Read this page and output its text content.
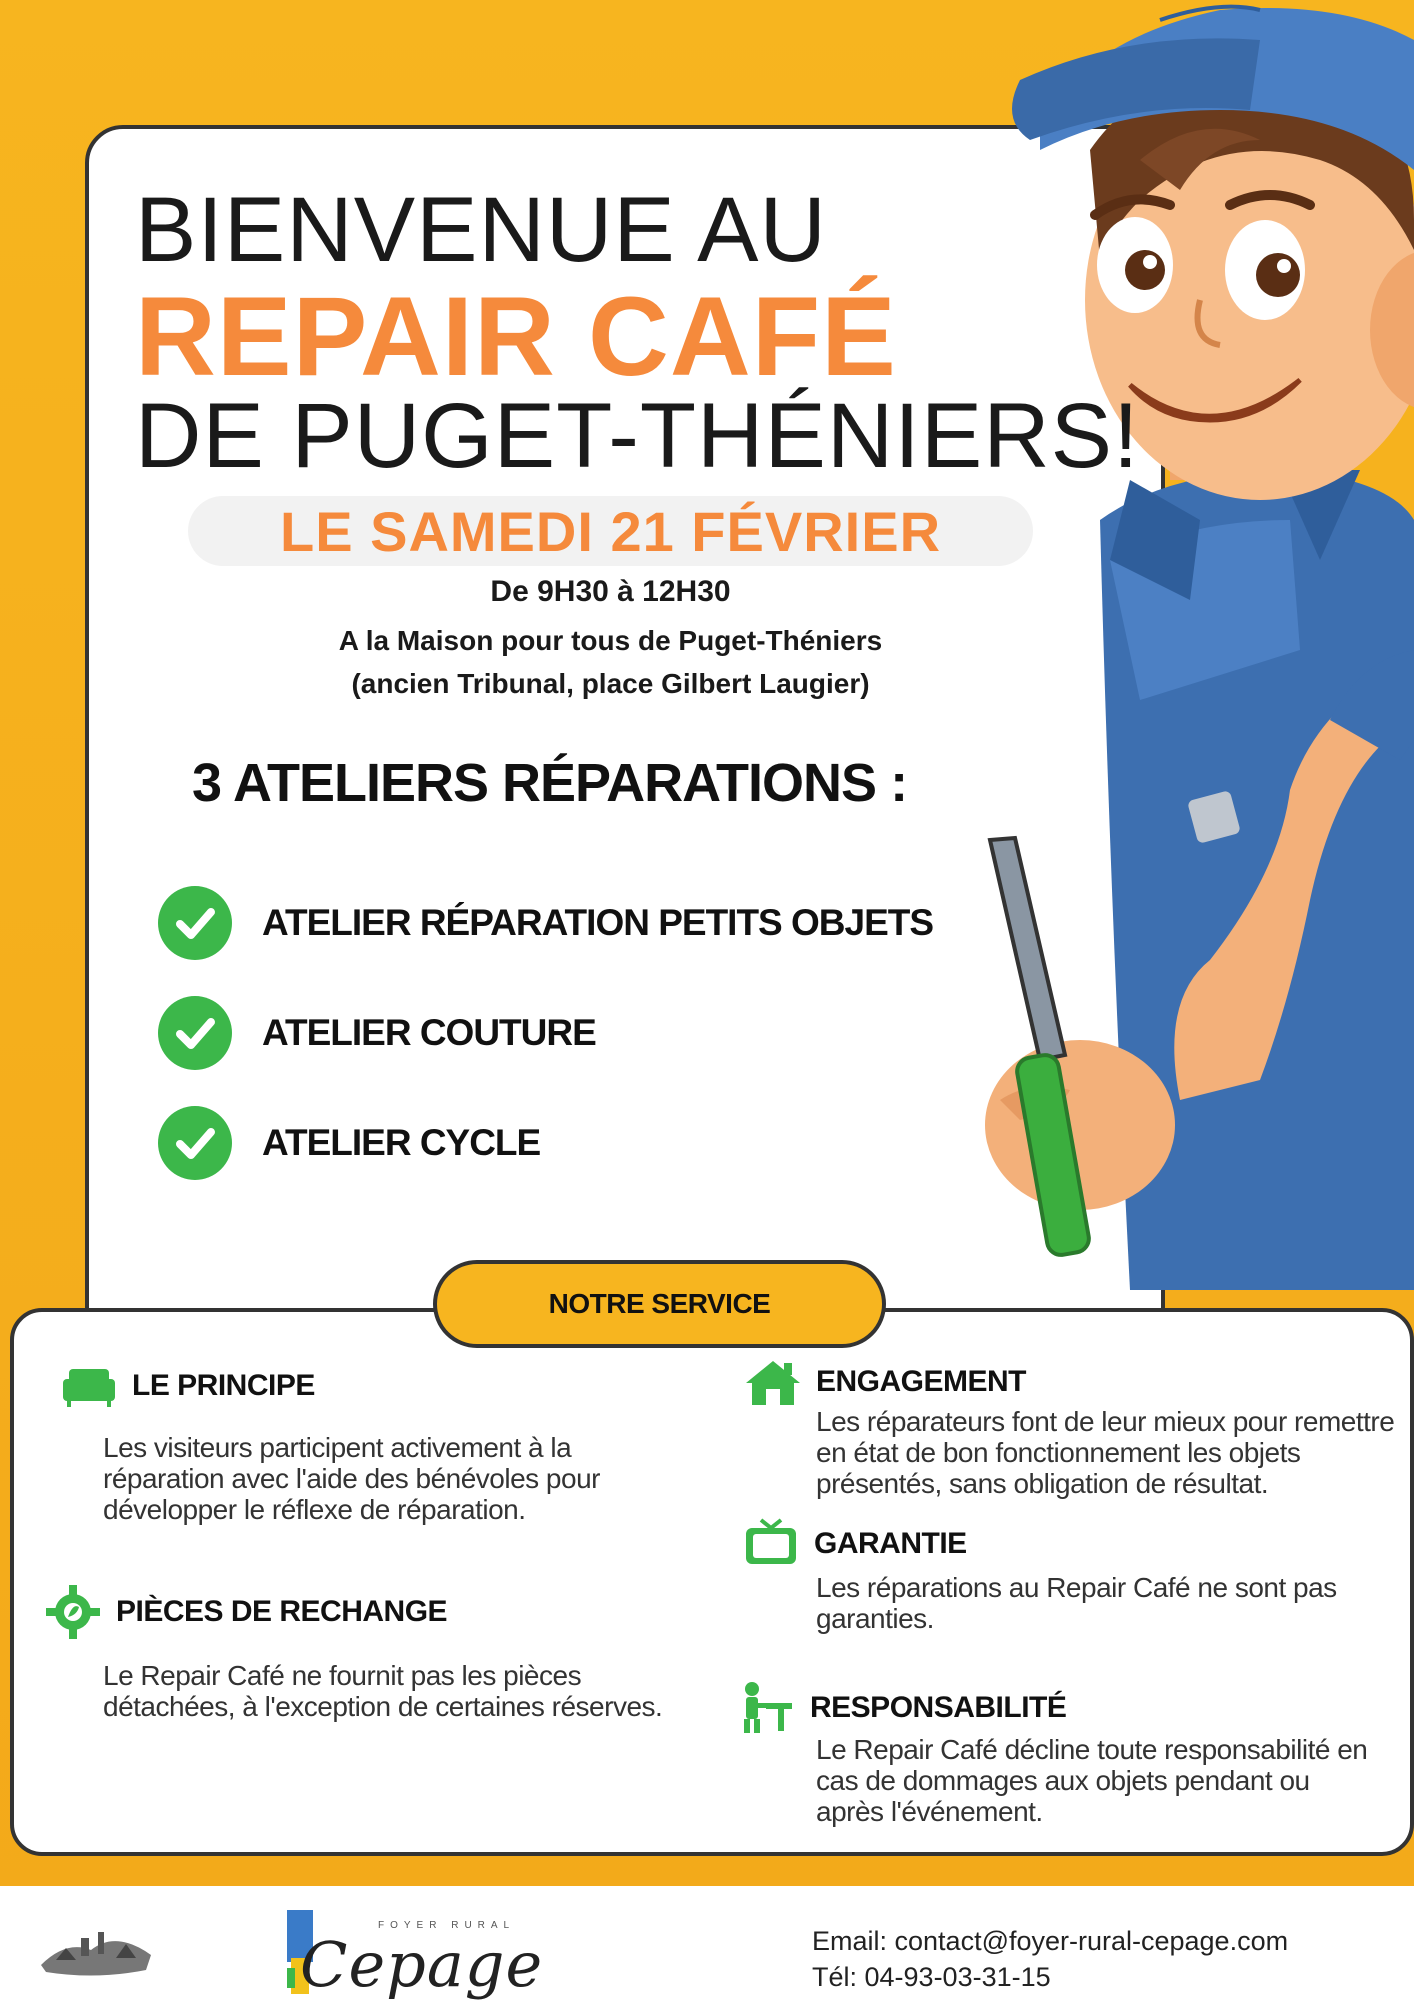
BIENVENUE AU
REPAIR CAFÉ
DE PUGET-THÉNIERS!
LE SAMEDI 21 FÉVRIER
De 9H30 à 12H30
A la Maison pour tous de Puget-Théniers
(ancien Tribunal, place Gilbert Laugier)
3 ATELIERS RÉPARATIONS :
ATELIER RÉPARATION PETITS OBJETS
ATELIER COUTURE
ATELIER CYCLE
NOTRE SERVICE
LE PRINCIPE
Les visiteurs participent activement à la réparation avec l'aide des bénévoles pour développer le réflexe de réparation.
PIÈCES DE RECHANGE
Le Repair Café ne fournit pas les pièces détachées, à l'exception de certaines réserves.
ENGAGEMENT
Les réparateurs font de leur mieux pour remettre en état de bon fonctionnement les objets présentés, sans obligation de résultat.
GARANTIE
Les réparations au Repair Café ne sont pas garanties.
RESPONSABILITÉ
Le Repair Café décline toute responsabilité en cas de dommages aux objets pendant ou après l'événement.
FOYER RURAL
Cepage	Email: contact@foyer-rural-cepage.com
Tél: 04-93-03-31-15
